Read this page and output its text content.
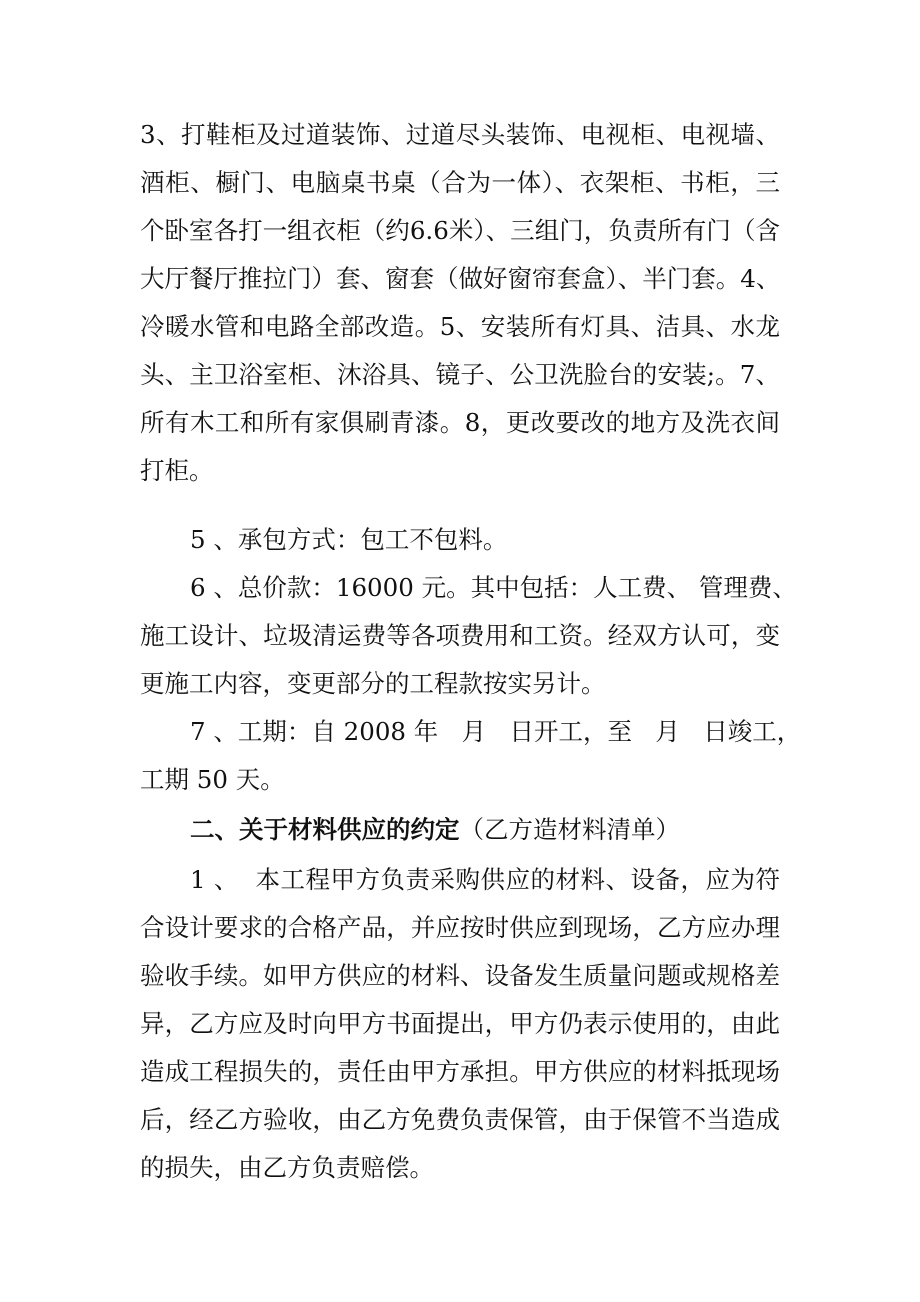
3、打鞋柜及过道装饰、过道尽头装饰、电视柜、电视墙、
酒柜、橱门、电脑桌书桌（合为一体）、衣架柜、书柜，三
个卧室各打一组衣柜（约6.6米）、三组门，负责所有门（含
大厅餐厅推拉门）套、窗套（做好窗帘套盒）、半门套。4、
冷暖水管和电路全部改造。5、安装所有灯具、洁具、水龙
头、主卫浴室柜、沐浴具、镜子、公卫洗脸台的安装;。7、
所有木工和所有家俱刷青漆。8，更改要改的地方及洗衣间
打柜。
5 、承包方式：包工不包料。
6 、总价款：16000 元。其中包括：人工费、 管理费、
施工设计、垃圾清运费等各项费用和工资。经双方认可，变
更施工内容，变更部分的工程款按实另计。
7 、工期：自 2008 年   月   日开工，至   月   日竣工，
工期 50 天。
二、关于材料供应的约定（乙方造材料清单）
1 、  本工程甲方负责采购供应的材料、设备，应为符
合设计要求的合格产品，并应按时供应到现场，乙方应办理
验收手续。如甲方供应的材料、设备发生质量问题或规格差
异，乙方应及时向甲方书面提出，甲方仍表示使用的，由此
造成工程损失的，责任由甲方承担。甲方供应的材料抵现场
后，经乙方验收，由乙方免费负责保管，由于保管不当造成
的损失，由乙方负责赔偿。
